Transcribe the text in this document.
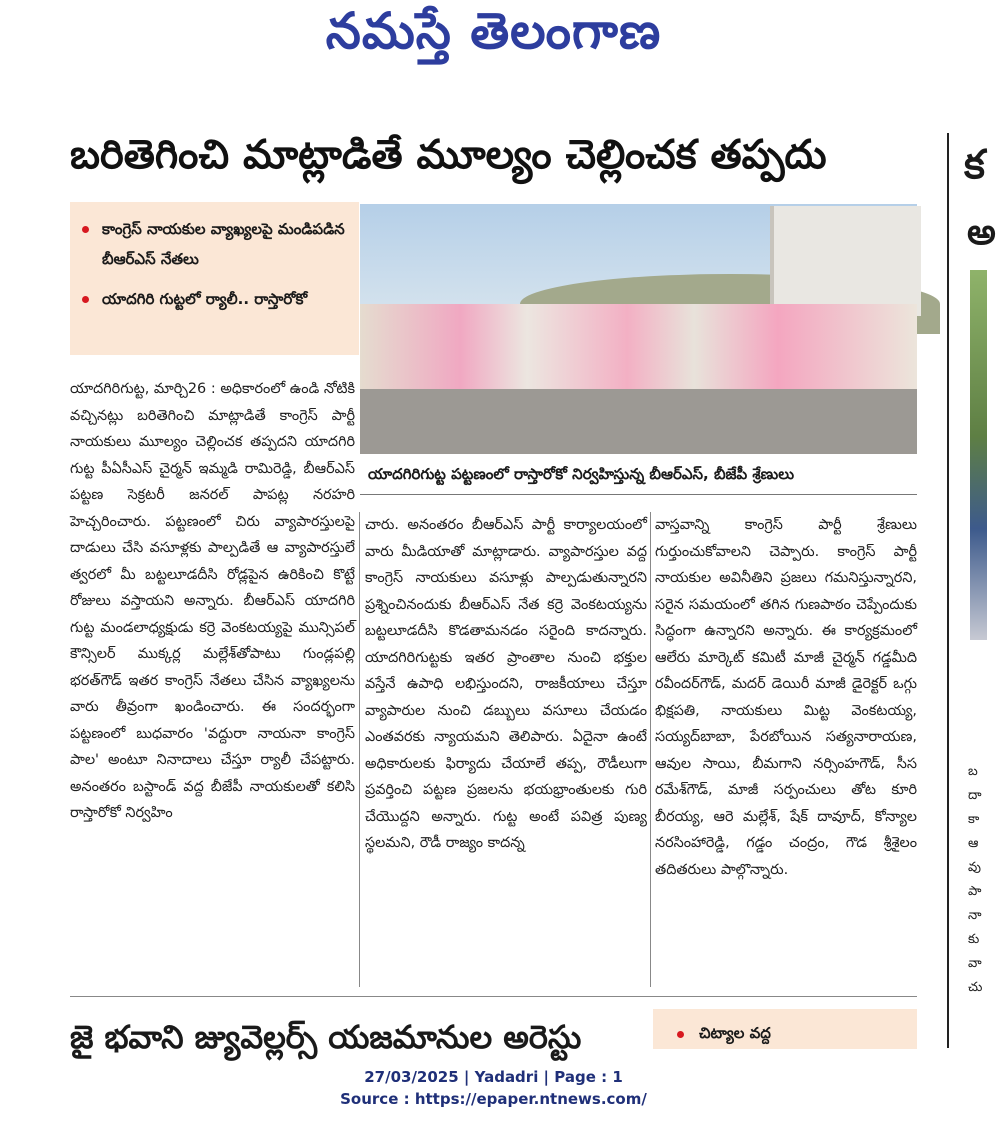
నమస్తే తెలంగాణ
బరితెగించి మాట్లాడితే మూల్యం చెల్లించక తప్పదు	క
అ
బ
దా
కా
ఆ
వు
పా
నా
కు
వా
చు
కాంగ్రెస్ నాయకుల వ్యాఖ్యలపై మండిపడిన బీఆర్ఎస్ నేతలు
యాదగిరి గుట్టలో ర్యాలీ.. రాస్తారోకో
యాదగిరిగుట్ట పట్టణంలో రాస్తారోకో నిర్వహిస్తున్న బీఆర్ఎస్, బీజేపీ శ్రేణులు
యాదగిరిగుట్ట, మార్చి26 : అధికారంలో ఉండి నోటికి వచ్చినట్లు బరితెగించి మాట్లాడితే కాంగ్రెస్ పార్టీ నాయకులు మూల్యం చెల్లించక తప్పదని యాదగిరి గుట్ట పీఏసీఎస్ చైర్మన్ ఇమ్మడి రామిరెడ్డి, బీఆర్ఎస్ పట్టణ సెక్రటరీ జనరల్ పాపట్ల నరహరి హెచ్చరించారు. పట్టణంలో చిరు వ్యాపారస్తులపై దాడులు చేసి వసూళ్లకు పాల్పడితే ఆ వ్యాపారస్తులే త్వరలో మీ బట్టలూడదీసి రోడ్లపైన ఉరికించి కొట్టే రోజులు వస్తాయని అన్నారు. బీఆర్ఎస్ యాదగిరి గుట్ట మండలాధ్యక్షుడు కర్రె వెంకటయ్యపై మున్సిపల్ కౌన్సిలర్ ముక్కర్ల మల్లేశ్‌తోపాటు గుండ్లపల్లి భరత్‌గౌడ్ ఇతర కాంగ్రెస్ నేతలు చేసిన వ్యాఖ్యలను వారు తీవ్రంగా ఖండించారు. ఈ సందర్భంగా పట్టణంలో బుధవారం 'వద్దురా నాయనా కాంగ్రెస్ పాల' అంటూ నినాదాలు చేస్తూ ర్యాలీ చేపట్టారు. అనంతరం బస్టాండ్ వద్ద బీజేపీ నాయకులతో కలిసి రాస్తారోకో నిర్వహిం
చారు. అనంతరం బీఆర్ఎస్ పార్టీ కార్యాలయంలో వారు మీడియాతో మాట్లాడారు. వ్యాపారస్తుల వద్ద కాంగ్రెస్ నాయకులు వసూళ్లు పాల్పడుతున్నారని ప్రశ్నించినందుకు బీఆర్ఎస్ నేత కర్రె వెంకటయ్యను బట్టలూడదీసి కొడతామనడం సరైంది కాదన్నారు. యాదగిరిగుట్టకు ఇతర ప్రాంతాల నుంచి భక్తుల వస్తేనే ఉపాధి లభిస్తుందని, రాజకీయాలు చేస్తూ వ్యాపారుల నుంచి డబ్బులు వసూలు చేయడం ఎంతవరకు న్యాయమని తెలిపారు. ఏదైనా ఉంటే అధికారులకు ఫిర్యాదు చేయాలే తప్ప, రౌడీలుగా ప్రవర్తించి పట్టణ ప్రజలను భయభ్రాంతులకు గురి చేయొద్దని అన్నారు. గుట్ట అంటే పవిత్ర పుణ్య స్థలమని, రౌడీ రాజ్యం కాదన్న
వాస్తవాన్ని కాంగ్రెస్ పార్టీ శ్రేణులు గుర్తుంచుకోవాలని చెప్పారు. కాంగ్రెస్ పార్టీ నాయకుల అవినీతిని ప్రజలు గమనిస్తున్నారని, సరైన సమయంలో తగిన గుణపాఠం చెప్పేందుకు సిద్ధంగా ఉన్నారని అన్నారు. ఈ కార్యక్రమంలో ఆలేరు మార్కెట్ కమిటీ మాజీ చైర్మన్ గడ్డమీది రవీందర్‌గౌడ్, మదర్ డెయిరీ మాజీ డైరెక్టర్ ఒగ్గు భిక్షపతి, నాయకులు మిట్ట వెంకటయ్య, సయ్యద్‌బాబా, పేరబోయిన సత్యనారాయణ, ఆవుల సాయి, బీమగాని నర్సింహగౌడ్, సీస రమేశ్‌గౌడ్, మాజీ సర్పంచులు తోట కూరి బీరయ్య, ఆరె మల్లేశ్, షేక్ దావూద్, కోన్యాల నరసింహారెడ్డి, గడ్డం చంద్రం, గౌడ శ్రీశైలం తదితరులు పాల్గొన్నారు.
జై భవాని జ్యువెల్లర్స్ యజమానుల అరెస్టు	చిట్యాల వద్ద
27/03/2025 | Yadadri | Page : 1
Source : https://epaper.ntnews.com/
